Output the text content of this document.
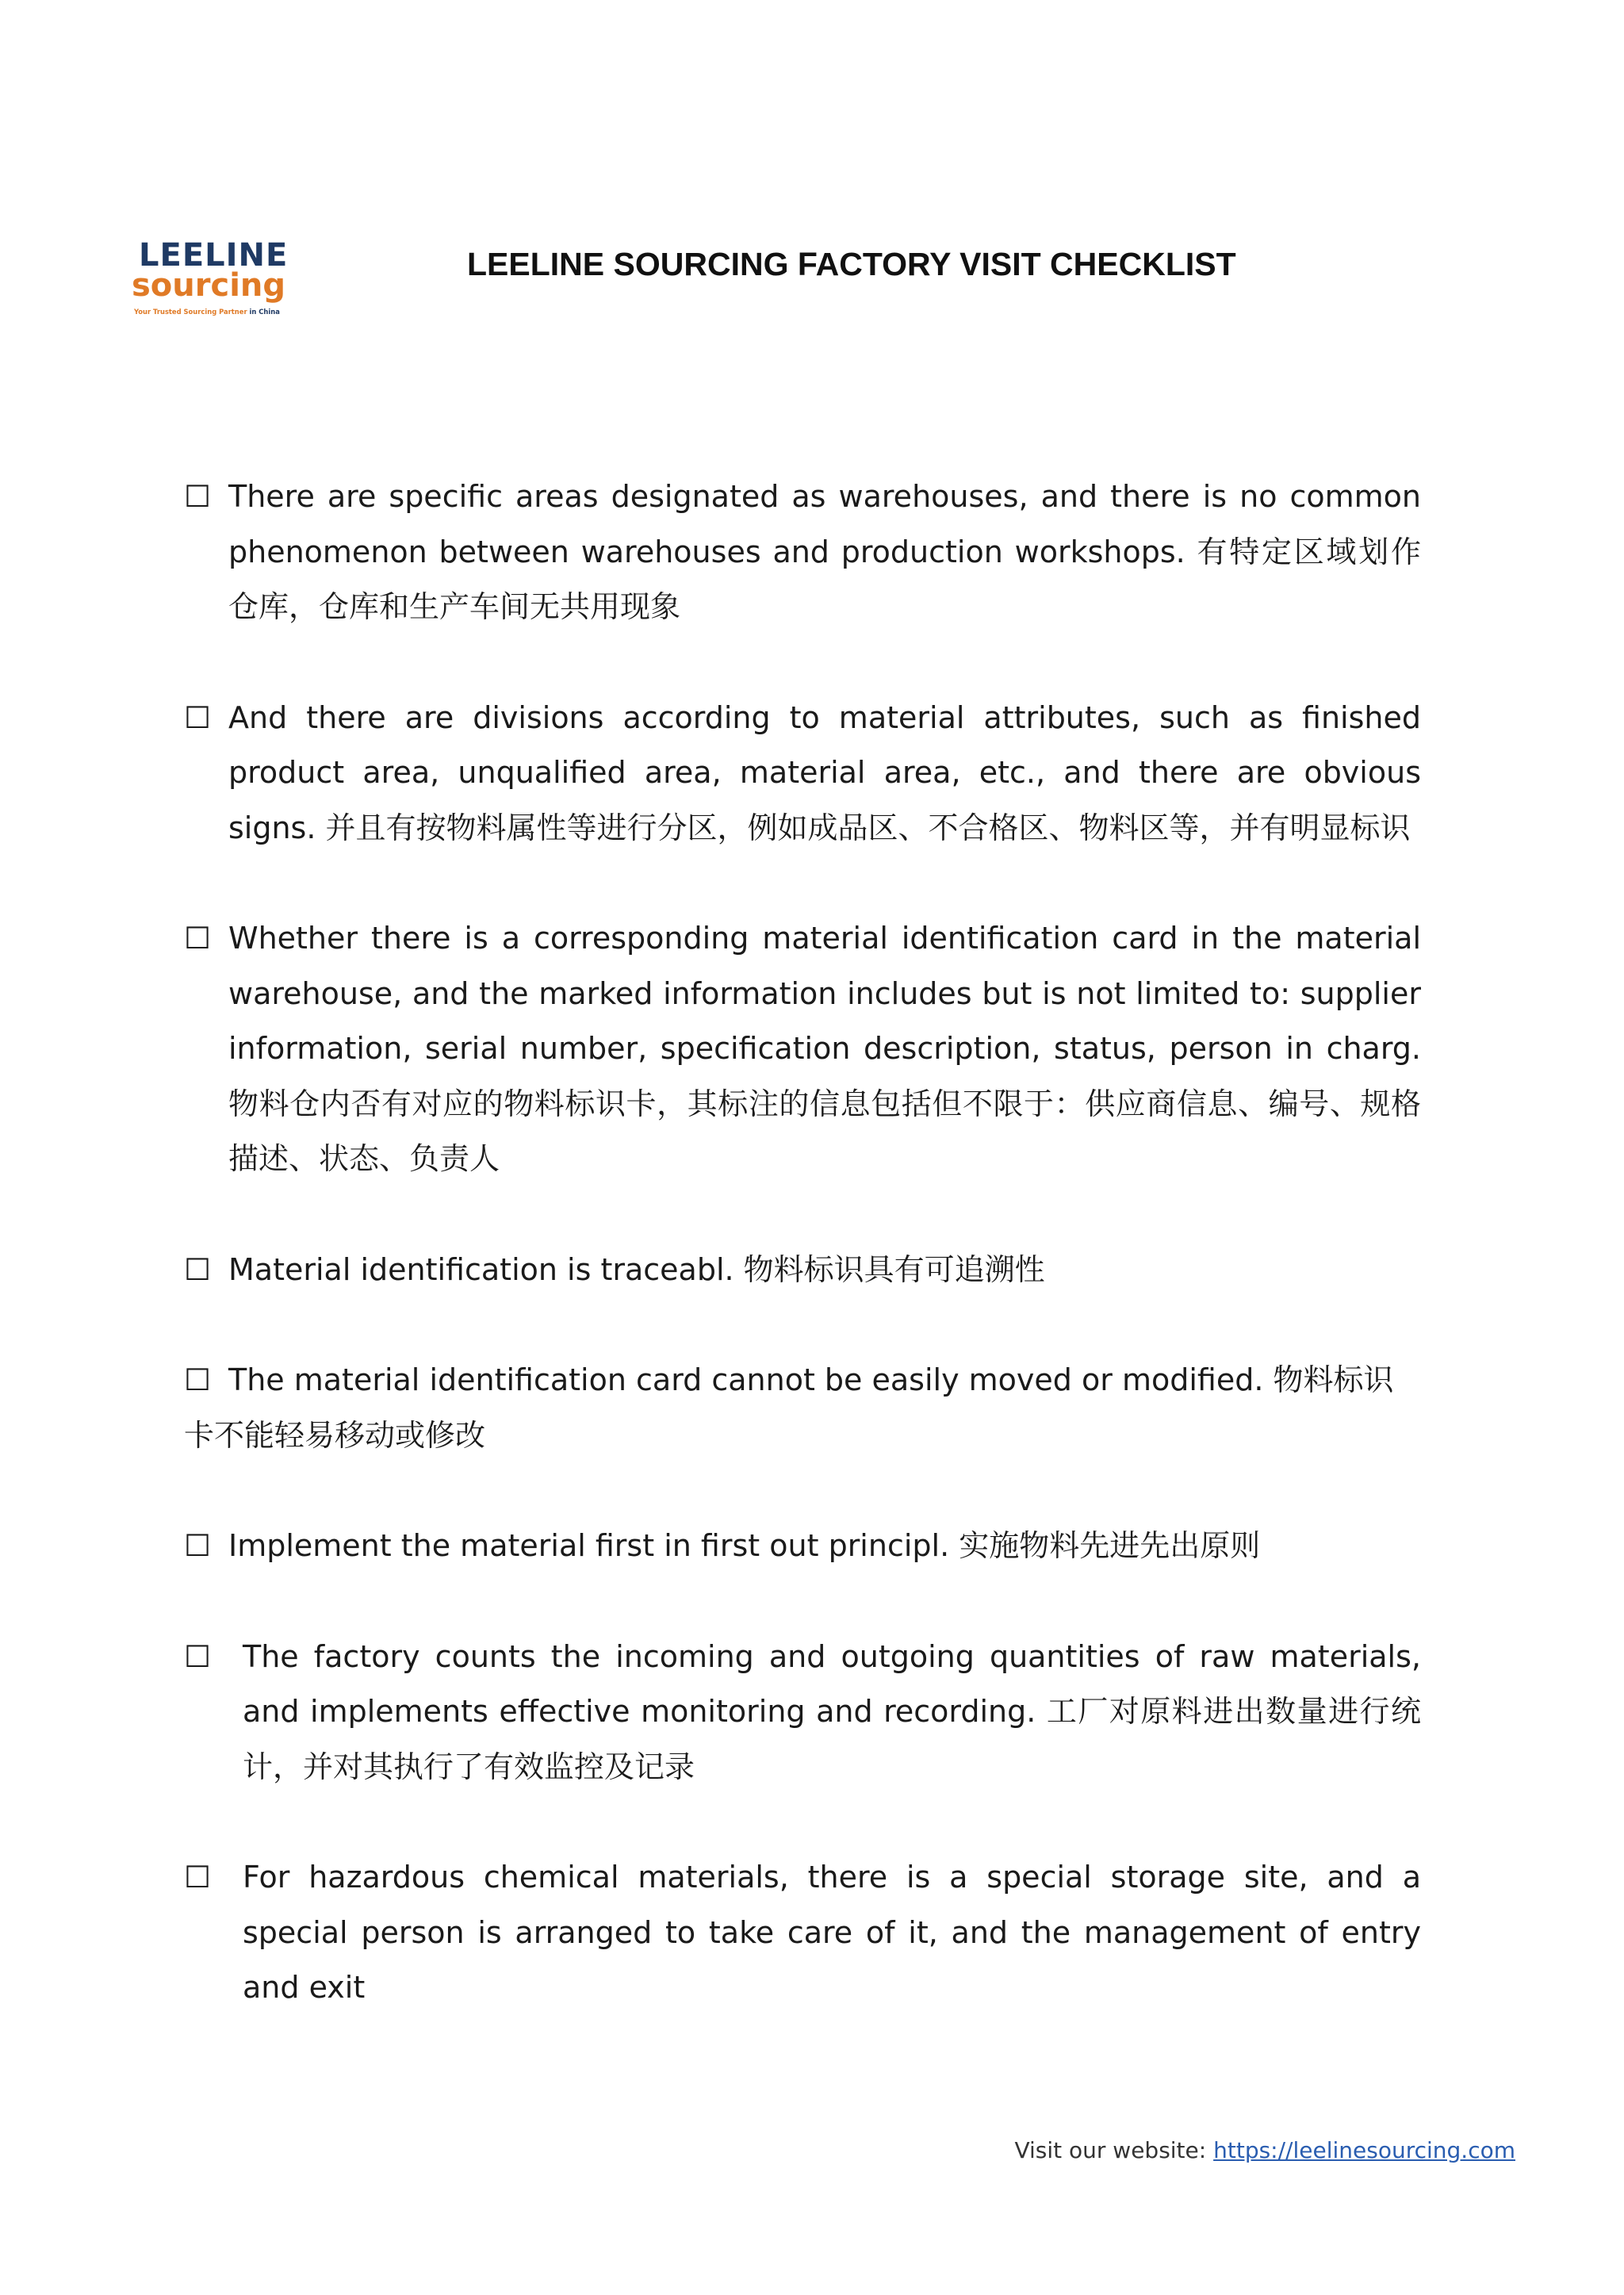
LEELINE
sourcing
Your Trusted Sourcing Partner in China
LEELINE SOURCING FACTORY VISIT CHECKLIST
☐ There are specific areas designated as warehouses, and there is no common phenomenon between warehouses and production workshops. 有特定区域划作仓库，仓库和生产车间无共用现象
☐ And there are divisions according to material attributes, such as finished product area, unqualified area, material area, etc., and there are obvious signs. 并且有按物料属性等进行分区，例如成品区、不合格区、物料区等，并有明显标识
☐ Whether there is a corresponding material identification card in the material warehouse, and the marked information includes but is not limited to: supplier information, serial number, specification description, status, person in charg. 物料仓内否有对应的物料标识卡，其标注的信息包括但不限于：供应商信息、编号、规格描述、状态、负责人
☐ Material identification is traceabl. 物料标识具有可追溯性
☐ The material identification card cannot be easily moved or modified. 物料标识卡不能轻易移动或修改
☐ Implement the material first in first out principl. 实施物料先进先出原则
☐ The factory counts the incoming and outgoing quantities of raw materials, and implements effective monitoring and recording. 工厂对原料进出数量进行统计，并对其执行了有效监控及记录
☐ For hazardous chemical materials, there is a special storage site, and a special person is arranged to take care of it, and the management of entry and exit
Visit our website: https://leelinesourcing.com
